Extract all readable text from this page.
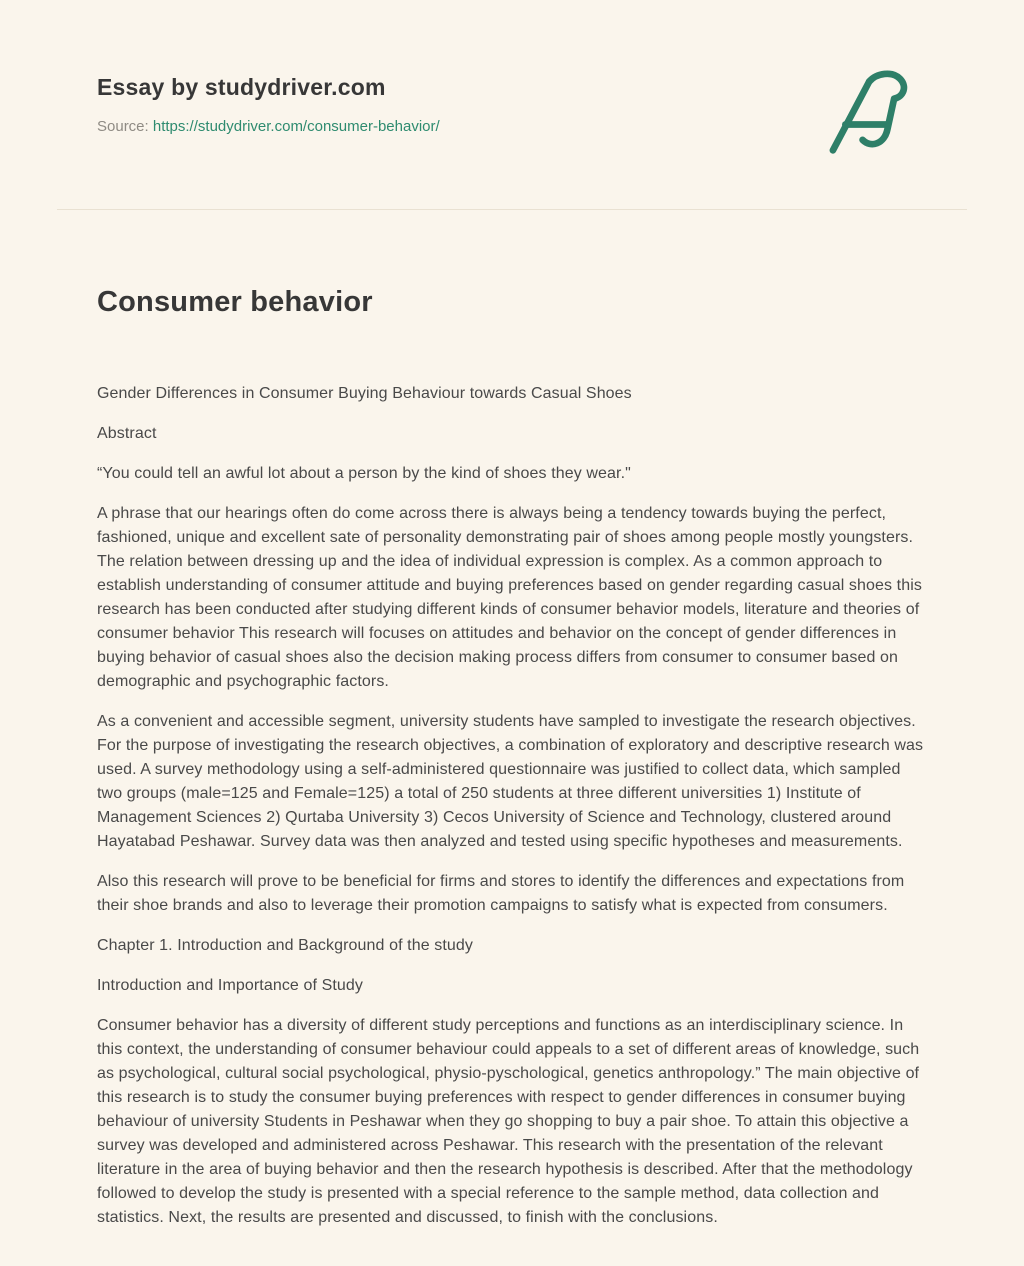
Essay by studydriver.com

Source: https://studydriver.com/consumer-behavior/

Consumer behavior

Gender Differences in Consumer Buying Behaviour towards Casual Shoes

Abstract

“You could tell an awful lot about a person by the kind of shoes they wear."

A phrase that our hearings often do come across there is always being a tendency towards buying the perfect, fashioned, unique and excellent sate of personality demonstrating pair of shoes among people mostly youngsters. The relation between dressing up and the idea of individual expression is complex. As a common approach to establish understanding of consumer attitude and buying preferences based on gender regarding casual shoes this research has been conducted after studying different kinds of consumer behavior models, literature and theories of consumer behavior This research will focuses on attitudes and behavior on the concept of gender differences in buying behavior of casual shoes also the decision making process differs from consumer to consumer based on demographic and psychographic factors.

As a convenient and accessible segment, university students have sampled to investigate the research objectives. For the purpose of investigating the research objectives, a combination of exploratory and descriptive research was used. A survey methodology using a self-administered questionnaire was justified to collect data, which sampled two groups (male=125 and Female=125) a total of 250 students at three different universities 1) Institute of Management Sciences 2) Qurtaba University 3) Cecos University of Science and Technology, clustered around Hayatabad Peshawar. Survey data was then analyzed and tested using specific hypotheses and measurements.

Also this research will prove to be beneficial for firms and stores to identify the differences and expectations from their shoe brands and also to leverage their promotion campaigns to satisfy what is expected from consumers.

Chapter 1. Introduction and Background of the study

Introduction and Importance of Study

Consumer behavior has a diversity of different study perceptions and functions as an interdisciplinary science. In this context, the understanding of consumer behaviour could appeals to a set of different areas of knowledge, such as psychological, cultural social psychological, physio-pyschological, genetics anthropology.” The main objective of this research is to study the consumer buying preferences with respect to gender differences in consumer buying behaviour of university Students in Peshawar when they go shopping to buy a pair shoe. To attain this objective a survey was developed and administered across Peshawar. This research with the presentation of the relevant literature in the area of buying behavior and then the research hypothesis is described. After that the methodology followed to develop the study is presented with a special reference to the sample method, data collection and statistics. Next, the results are presented and discussed, to finish with the conclusions.
